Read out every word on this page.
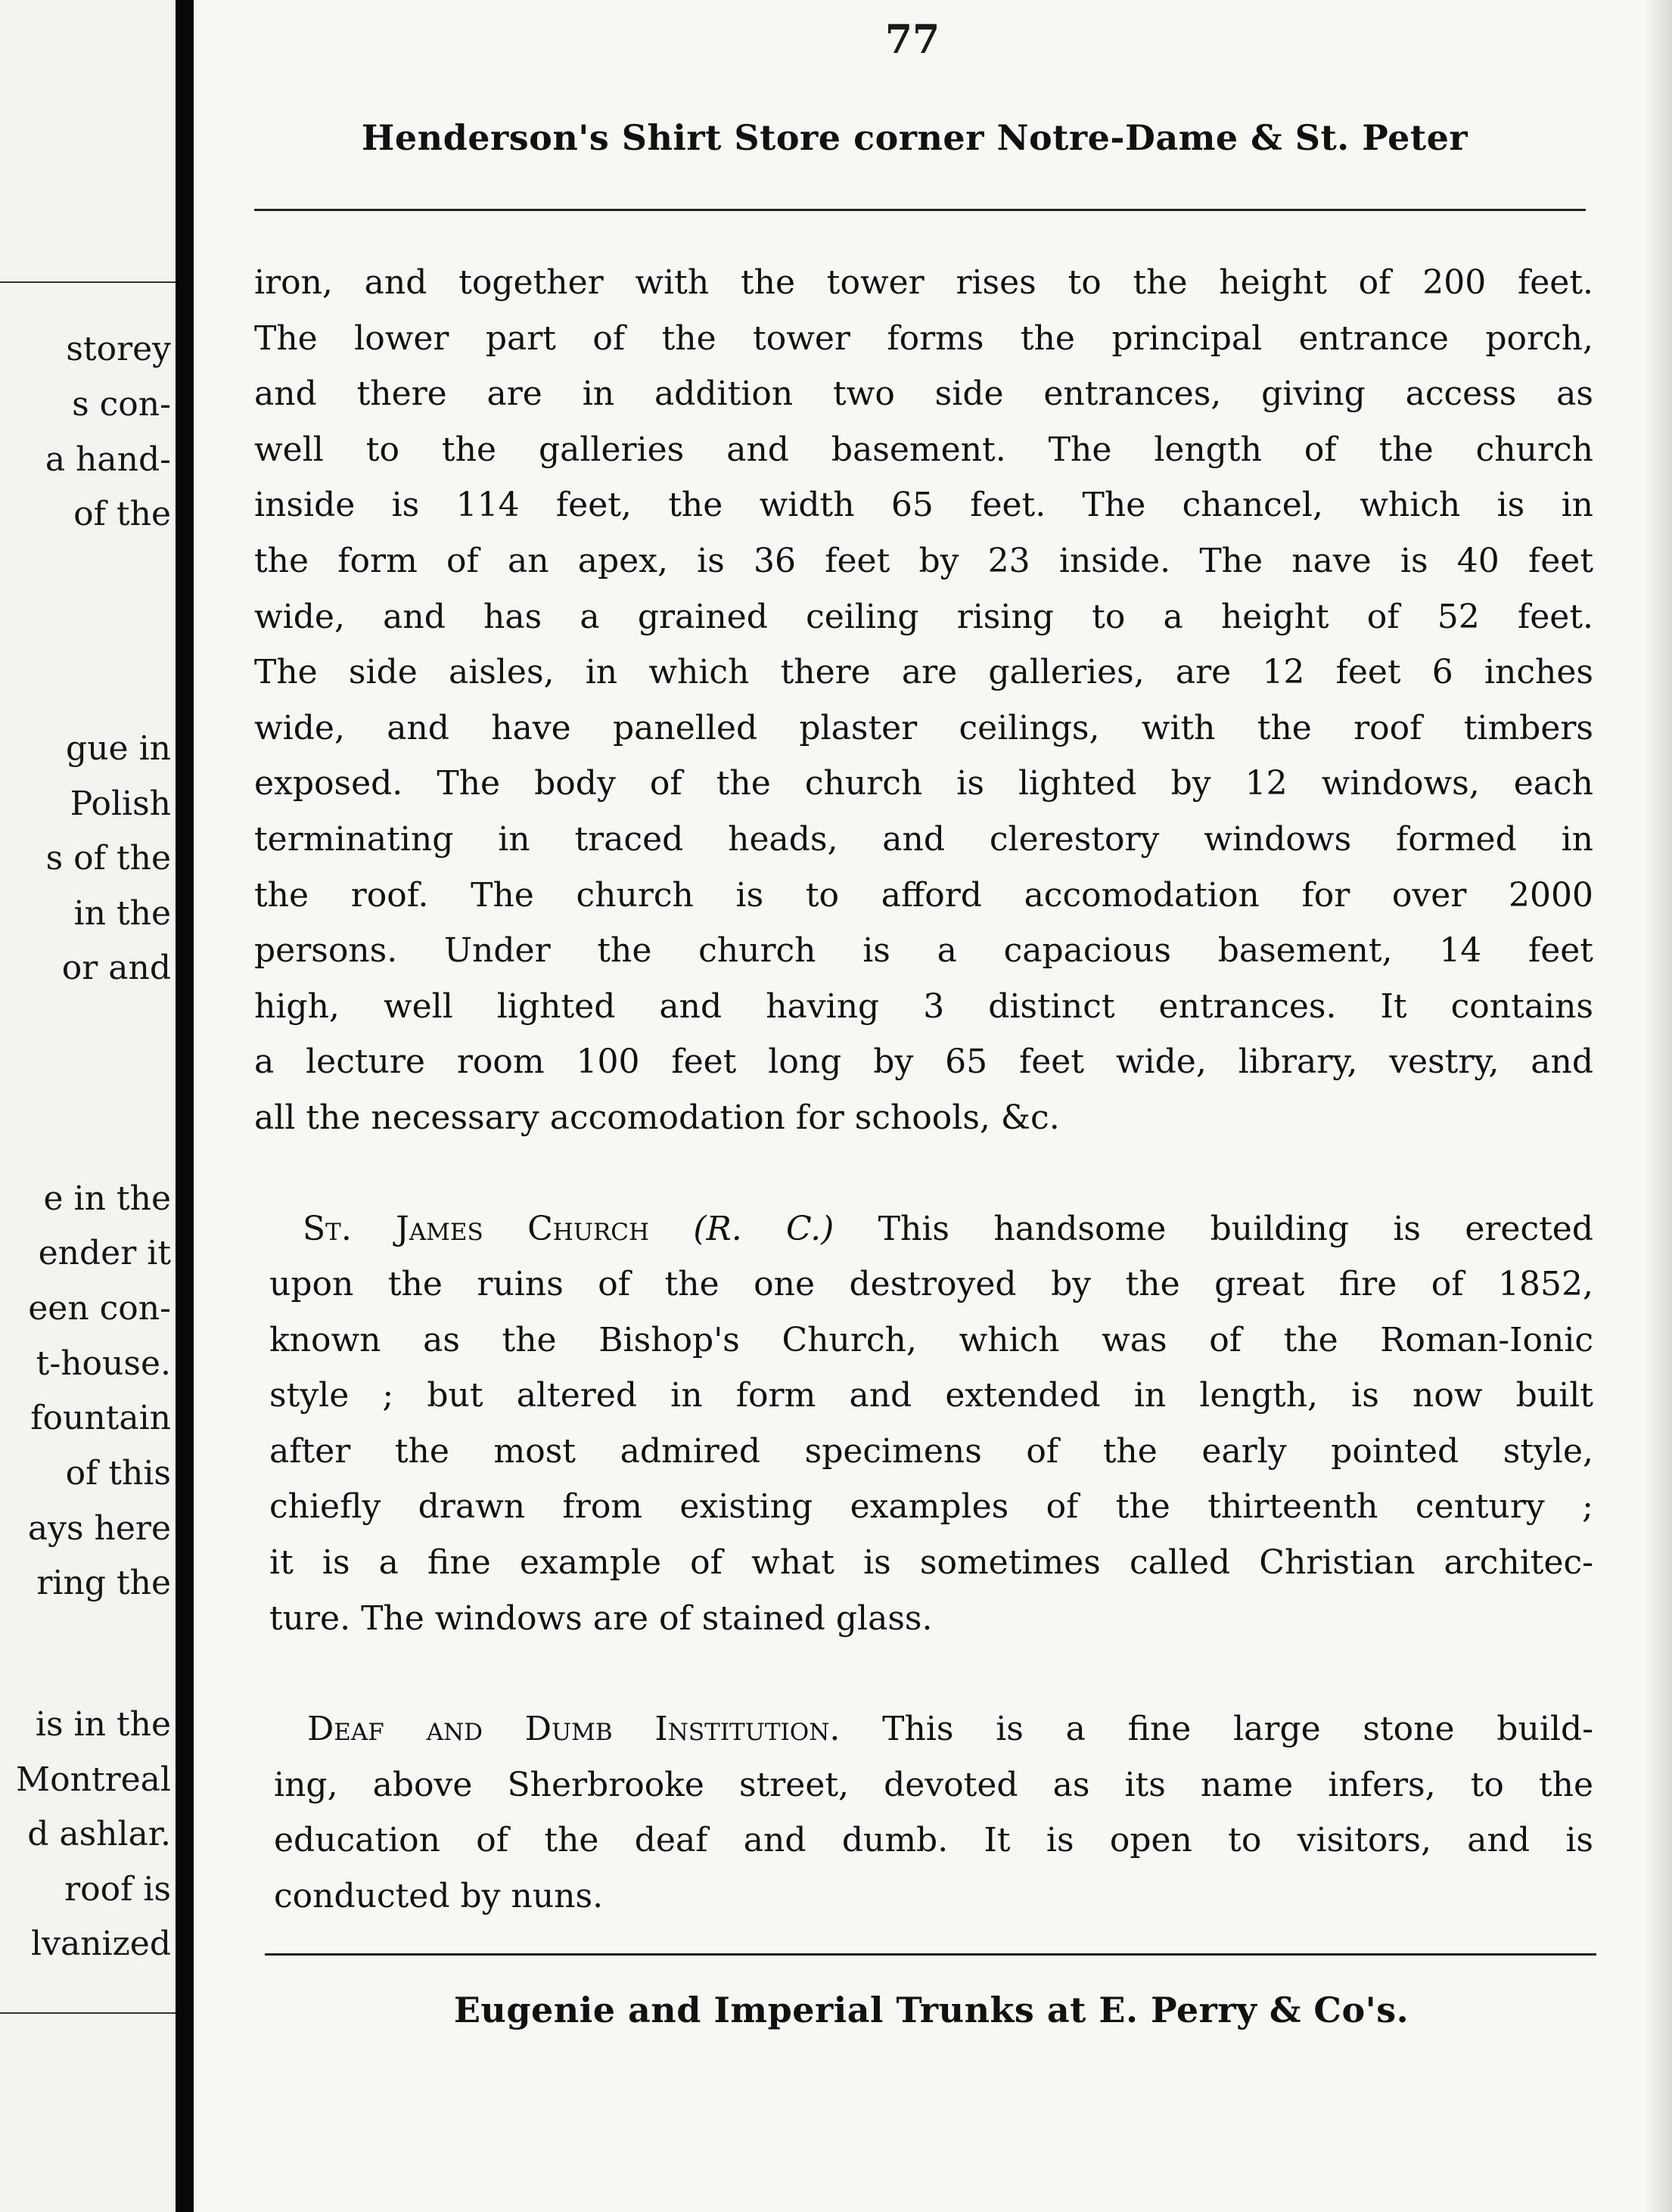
storey
s con-
a hand-
of the
gue in
Polish
s of the
in the
or and
e in the
ender it
een con-
t-house.
fountain
of this
ays here
ring the
is in the
Montreal
d ashlar.
roof is
lvanized
77
Henderson's Shirt Store corner Notre-Dame & St. Peter
iron, and together with the tower rises to the height of 200 feet.
The lower part of the tower forms the principal entrance porch,
and there are in addition two side entrances, giving access as
well to the galleries and basement. The length of the church
inside is 114 feet, the width 65 feet. The chancel, which is in
the form of an apex, is 36 feet by 23 inside. The nave is 40 feet
wide, and has a grained ceiling rising to a height of 52 feet.
The side aisles, in which there are galleries, are 12 feet 6 inches
wide, and have panelled plaster ceilings, with the roof timbers
exposed. The body of the church is lighted by 12 windows, each
terminating in traced heads, and clerestory windows formed in
the roof. The church is to afford accomodation for over 2000
persons. Under the church is a capacious basement, 14 feet
high, well lighted and having 3 distinct entrances. It contains
a lecture room 100 feet long by 65 feet wide, library, vestry, and
all the necessary accomodation for schools, &c.
St. James Church (R. C.) This handsome building is erected
upon the ruins of the one destroyed by the great fire of 1852,
known as the Bishop's Church, which was of the Roman-Ionic
style ; but altered in form and extended in length, is now built
after the most admired specimens of the early pointed style,
chiefly drawn from existing examples of the thirteenth century ;
it is a fine example of what is sometimes called Christian architec-
ture. The windows are of stained glass.
Deaf and Dumb Institution. This is a fine large stone build-
ing, above Sherbrooke street, devoted as its name infers, to the
education of the deaf and dumb. It is open to visitors, and is
conducted by nuns.
Eugenie and Imperial Trunks at E. Perry & Co's.
